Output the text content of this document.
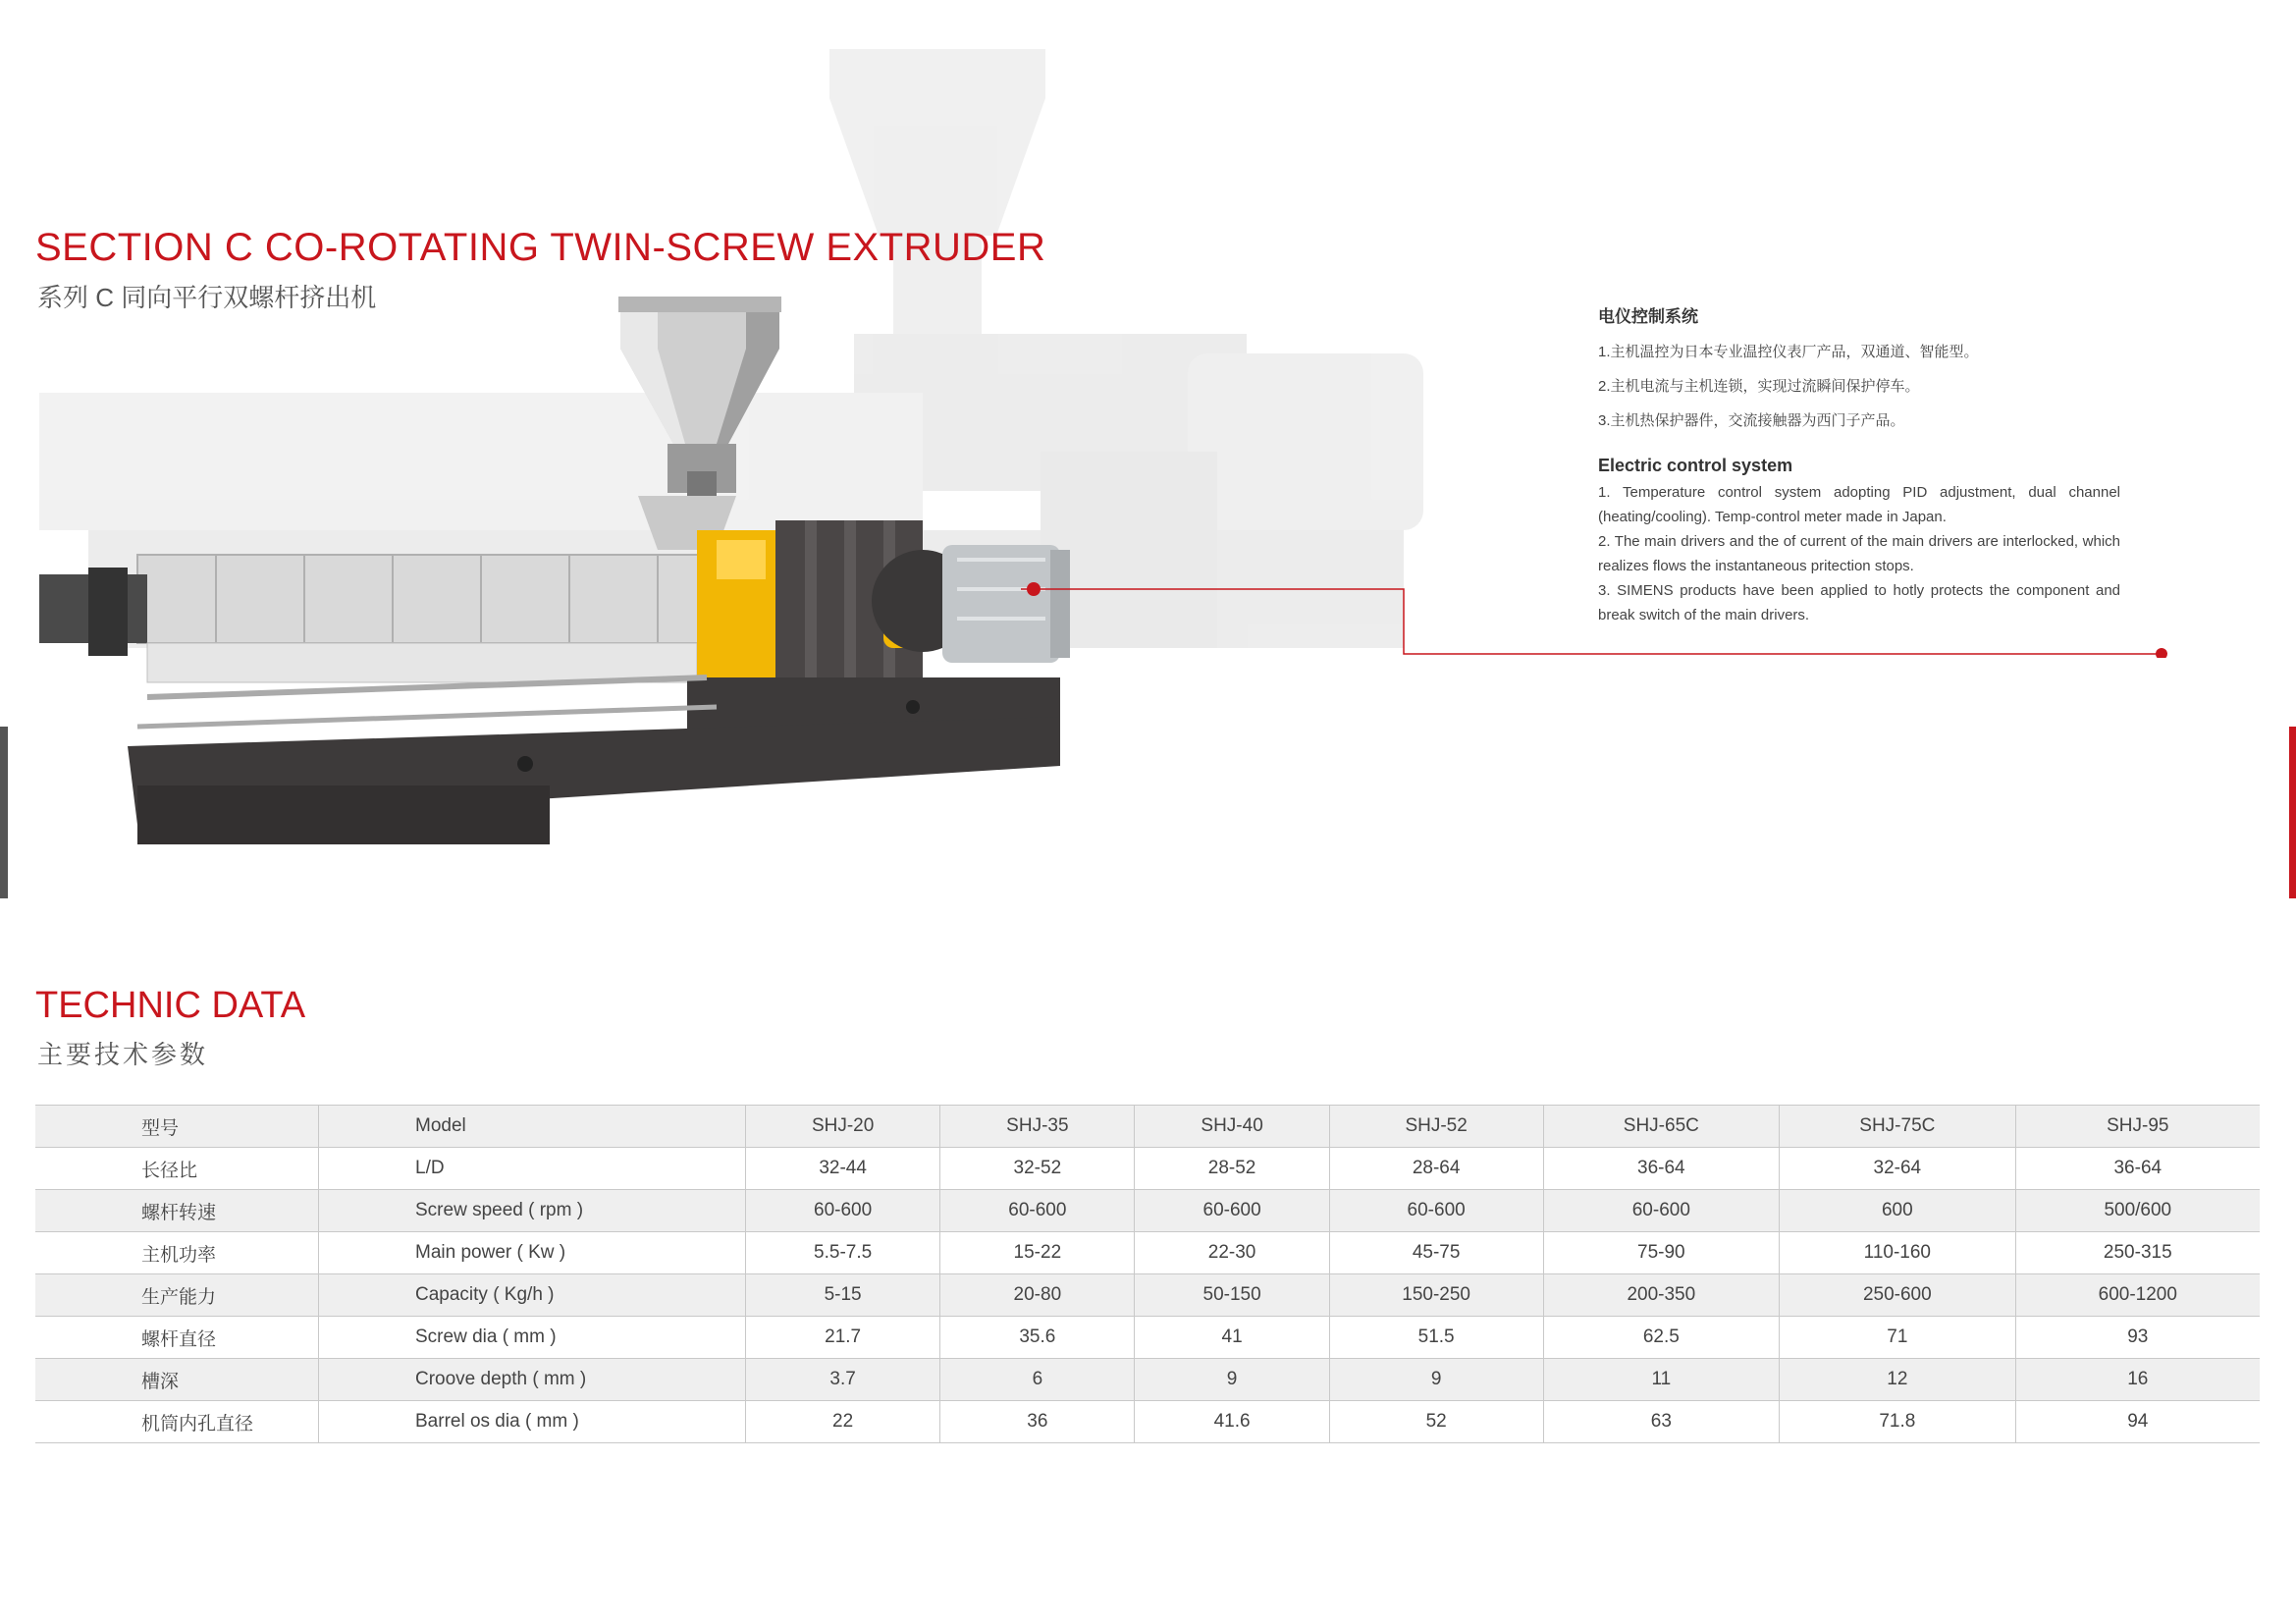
SECTION C CO-ROTATING TWIN-SCREW EXTRUDER
系列 C 同向平行双螺杆挤出机

电仪控制系统

1.主机温控为日本专业温控仪表厂产品，双通道、智能型。

2.主机电流与主机连锁，实现过流瞬间保护停车。

3.主机热保护器件，交流接触器为西门子产品。

Electric control system

1. Temperature control system adopting PID adjustment, dual channel (heating/cooling). Temp-control meter made in Japan.

2. The main drivers and the of current of the main drivers are interlocked, which realizes flows the instantaneous pritection stops.

3. SIMENS products have been applied to hotly protects the component and break switch of the main drivers.

TECHNIC DATA
主要技术参数
型号	Model	SHJ-20	SHJ-35	SHJ-40	SHJ-52	SHJ-65C	SHJ-75C	SHJ-95
长径比	L/D	32-44	32-52	28-52	28-64	36-64	32-64	36-64
螺杆转速	Screw speed ( rpm )	60-600	60-600	60-600	60-600	60-600	600	500/600
主机功率	Main power ( Kw )	5.5-7.5	15-22	22-30	45-75	75-90	110-160	250-315
生产能力	Capacity ( Kg/h )	5-15	20-80	50-150	150-250	200-350	250-600	600-1200
螺杆直径	Screw dia ( mm )	21.7	35.6	41	51.5	62.5	71	93
槽深	Croove depth ( mm )	3.7	6	9	9	11	12	16
机筒内孔直径	Barrel os dia ( mm )	22	36	41.6	52	63	71.8	94
